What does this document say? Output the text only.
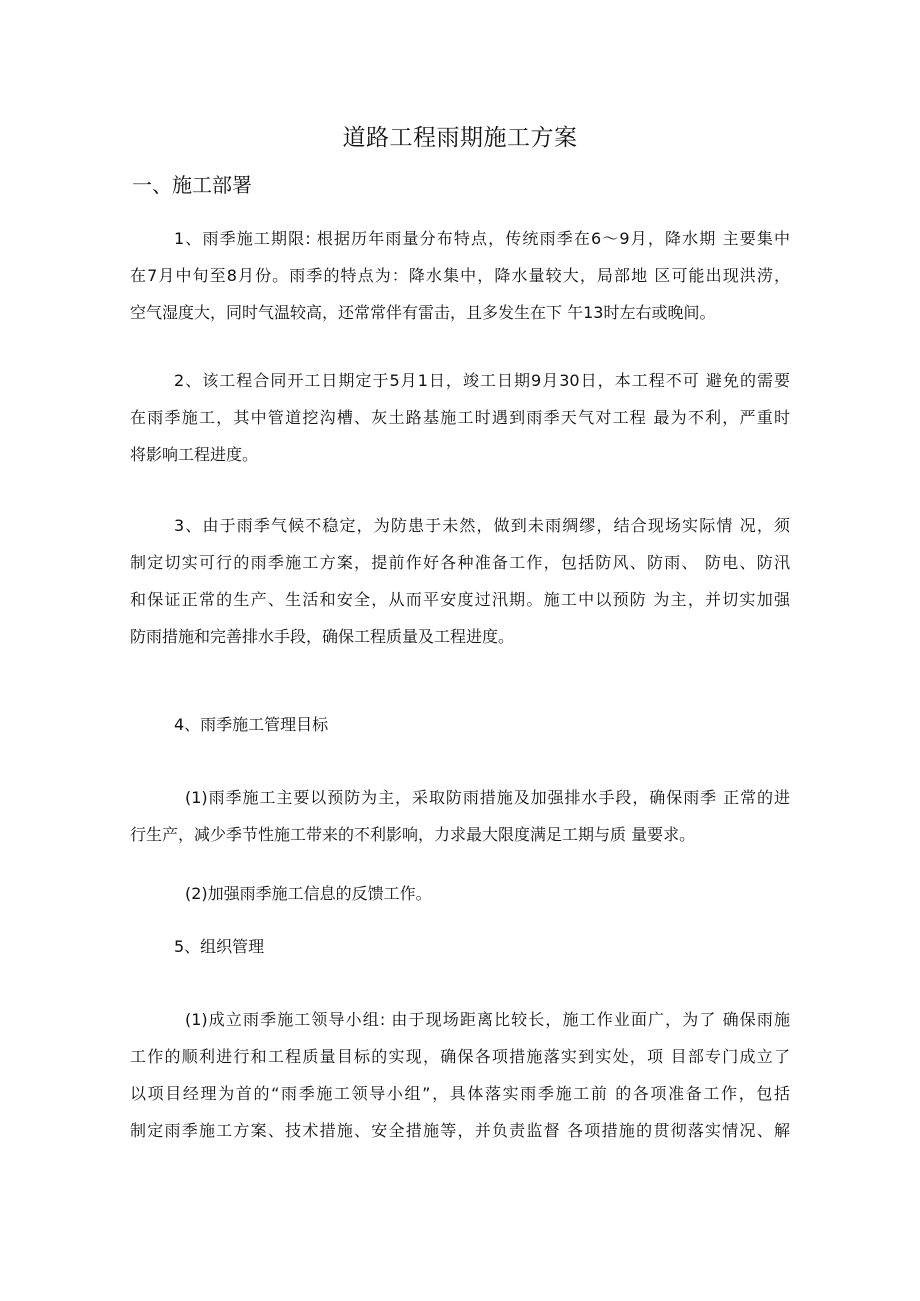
道路工程雨期施工方案
一、施工部署

1、雨季施工期限: 根据历年雨量分布特点，传统雨季在6～9月，降水期 主要集中
在7月中旬至8月份。雨季的特点为：降水集中，降水量较大，局部地 区可能出现洪涝，
空气湿度大，同时气温较高，还常常伴有雷击，且多发生在下 午13时左右或晚间。

2、该工程合同开工日期定于5月1日，竣工日期9月30日，本工程不可 避免的需要
在雨季施工，其中管道挖沟槽、灰土路基施工时遇到雨季天气对工程 最为不利，严重时
将影响工程进度。

3、由于雨季气候不稳定，为防患于未然，做到未雨绸缪，结合现场实际情 况，须
制定切实可行的雨季施工方案，提前作好各种准备工作，包括防风、防雨、 防电、防汛
和保证正常的生产、生活和安全，从而平安度过汛期。施工中以预防 为主，并切实加强
防雨措施和完善排水手段，确保工程质量及工程进度。

4、雨季施工管理目标

(1)雨季施工主要以预防为主，采取防雨措施及加强排水手段，确保雨季 正常的进
行生产，减少季节性施工带来的不利影响，力求最大限度满足工期与质 量要求。

(2)加强雨季施工信息的反馈工作。
5、组织管理

(1)成立雨季施工领导小组: 由于现场距离比较长，施工作业面广，为了 确保雨施
工作的顺利进行和工程质量目标的实现，确保各项措施落实到实处，项 目部专门成立了
以项目经理为首的“雨季施工领导小组”，具体落实雨季施工前 的各项准备工作，包括
制定雨季施工方案、技术措施、安全措施等，并负责监督 各项措施的贯彻落实情况、解
